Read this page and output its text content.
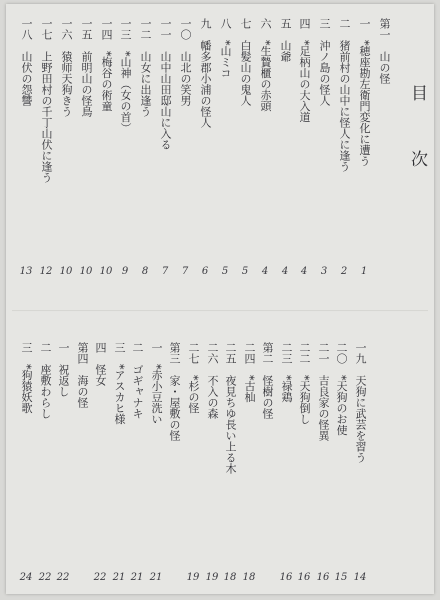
目　次
第一　山の怪
一　*穂座勘左衛門変化に遭う
1
二　猪前村の山中に怪人に逢う
2
三　沖ノ島の怪人
3
四　*足柄山の大入道
4
五　山爺
4
六　*生贄櫃の赤頭
4
七　白髪山の鬼人
5
八　*山ミコ
5
九　幡多郡小浦の怪人
6
一〇　山北の笑男
7
一一　山中山田邸山に入る
7
一二　山女に出逢う
8
一三　*山神（女の首）
9
一四　*梅谷の術童
10
一五　前明山の怪鳥
10
一六　猿师天狗きう
10
一七　上野田村の千丁山伏に逢う
12
一八　山伏の怨讐
13
一九　天狗に武芸を習う
14
二〇　*天狗のお使
15
二一　吉良家の怪異
16
二二　*天狗倒し
16
二三　*禄鶏
16
第二　怪樹の怪
二四　*古杣
18
二五　夜見ちゆ長い上る木
18
二六　不入の森
19
二七　*杉の怪
19
第三　家・屋敷の怪
一　*赤小豆洗い
21
二　ゴギャナキ
21
三　*アスカヒ様
21
四　怪女
22
第四　海の怪
一　祝返し
22
二　座敷わらし
22
三　*狗猿妖歌
24
